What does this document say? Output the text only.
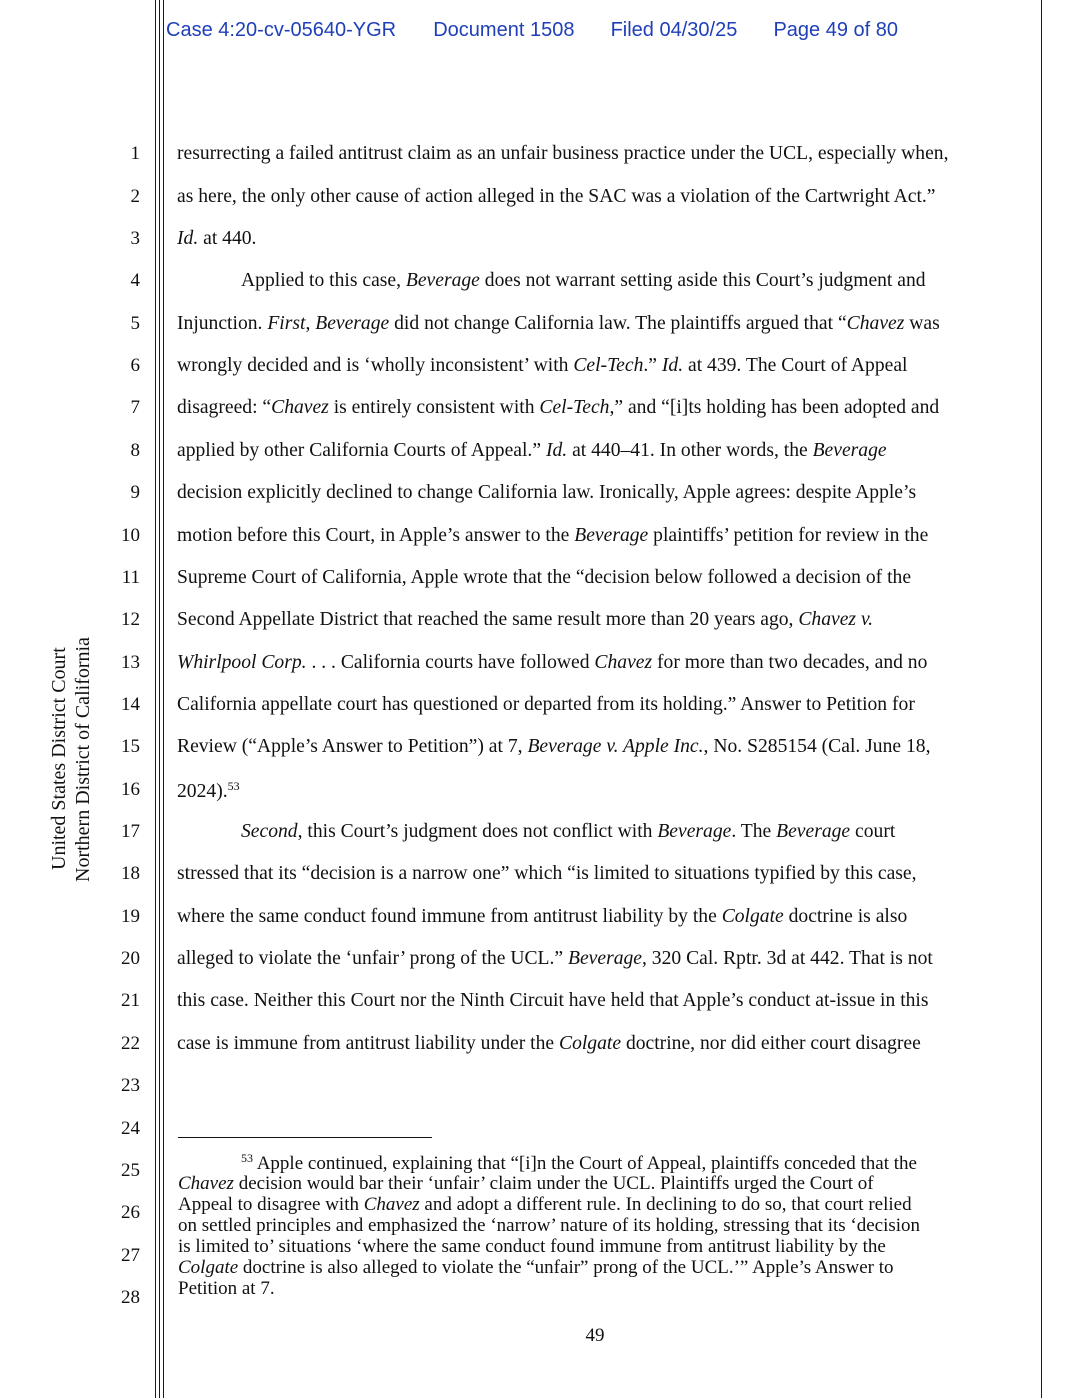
Case 4:20-cv-05640-YGR Document 1508 Filed 04/30/25 Page 49 of 80
United States District Court Northern District of California
1
2
3
4
5
6
7
8
9
10
11
12
13
14
15
16
17
18
19
20
21
22
23
24
25
26
27
28
resurrecting a failed antitrust claim as an unfair business practice under the UCL, especially when,
as here, the only other cause of action alleged in the SAC was a violation of the Cartwright Act.”
Id. at 440.
Applied to this case, Beverage does not warrant setting aside this Court’s judgment and
Injunction. First, Beverage did not change California law. The plaintiffs argued that “Chavez was
wrongly decided and is ‘wholly inconsistent’ with Cel-Tech.” Id. at 439. The Court of Appeal
disagreed: “Chavez is entirely consistent with Cel-Tech,” and “[i]ts holding has been adopted and
applied by other California Courts of Appeal.” Id. at 440–41. In other words, the Beverage
decision explicitly declined to change California law. Ironically, Apple agrees: despite Apple’s
motion before this Court, in Apple’s answer to the Beverage plaintiffs’ petition for review in the
Supreme Court of California, Apple wrote that the “decision below followed a decision of the
Second Appellate District that reached the same result more than 20 years ago, Chavez v.
Whirlpool Corp. . . . California courts have followed Chavez for more than two decades, and no
California appellate court has questioned or departed from its holding.” Answer to Petition for
Review (“Apple’s Answer to Petition”) at 7, Beverage v. Apple Inc., No. S285154 (Cal. June 18,
2024).$^{53}$
Second, this Court’s judgment does not conflict with Beverage. The Beverage court
stressed that its “decision is a narrow one” which “is limited to situations typified by this case,
where the same conduct found immune from antitrust liability by the Colgate doctrine is also
alleged to violate the ‘unfair’ prong of the UCL.” Beverage, 320 Cal. Rptr. 3d at 442. That is not
this case. Neither this Court nor the Ninth Circuit have held that Apple’s conduct at-issue in this
case is immune from antitrust liability under the Colgate doctrine, nor did either court disagree
$^{53}$ Apple continued, explaining that “[i]n the Court of Appeal, plaintiffs conceded that the
Chavez decision would bar their ‘unfair’ claim under the UCL. Plaintiffs urged the Court of
Appeal to disagree with Chavez and adopt a different rule. In declining to do so, that court relied
on settled principles and emphasized the ‘narrow’ nature of its holding, stressing that its ‘decision
is limited to’ situations ‘where the same conduct found immune from antitrust liability by the
Colgate doctrine is also alleged to violate the “unfair” prong of the UCL.’” Apple’s Answer to
Petition at 7.
49
